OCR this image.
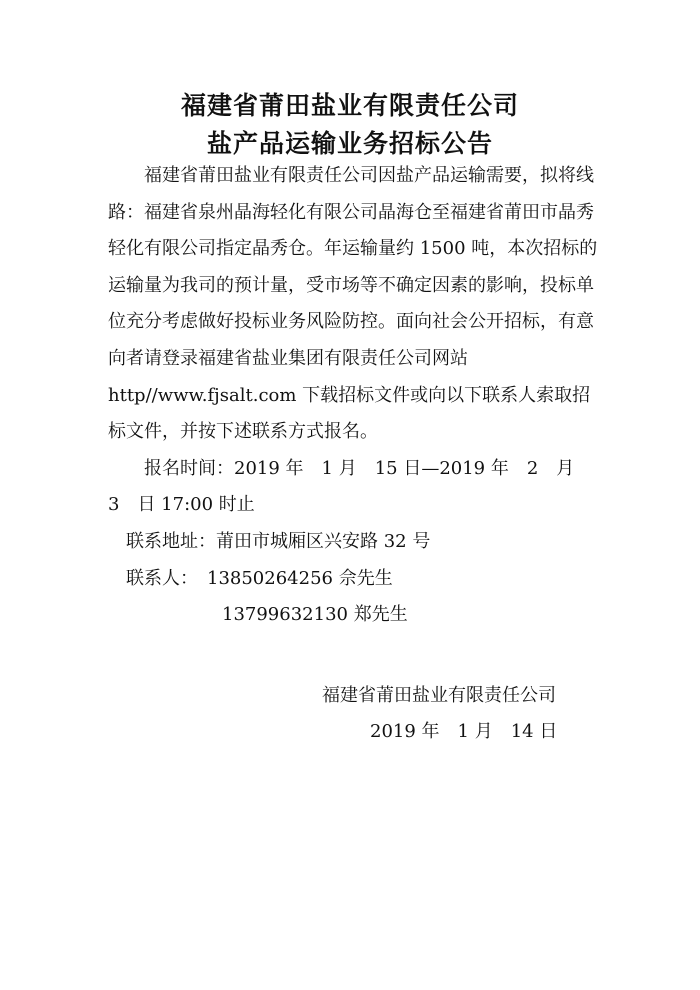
福建省莆田盐业有限责任公司
盐产品运输业务招标公告

福建省莆田盐业有限责任公司因盐产品运输需要，拟将线路：福建省泉州晶海轻化有限公司晶海仓至福建省莆田市晶秀轻化有限公司指定晶秀仓。年运输量约 1500 吨，本次招标的运输量为我司的预计量，受市场等不确定因素的影响，投标单位充分考虑做好投标业务风险防控。面向社会公开招标，有意向者请登录福建省盐业集团有限责任公司网站 http//www.fjsalt.com 下载招标文件或向以下联系人索取招标文件，并按下述联系方式报名。

报名时间：2019 年　1 月　15 日—2019 年　2　月　3　日 17:00 时止

联系地址：莆田市城厢区兴安路 32 号

联系人：　13850264256 佘先生

13799632130 郑先生

福建省莆田盐业有限责任公司
2019 年　1 月　14 日
